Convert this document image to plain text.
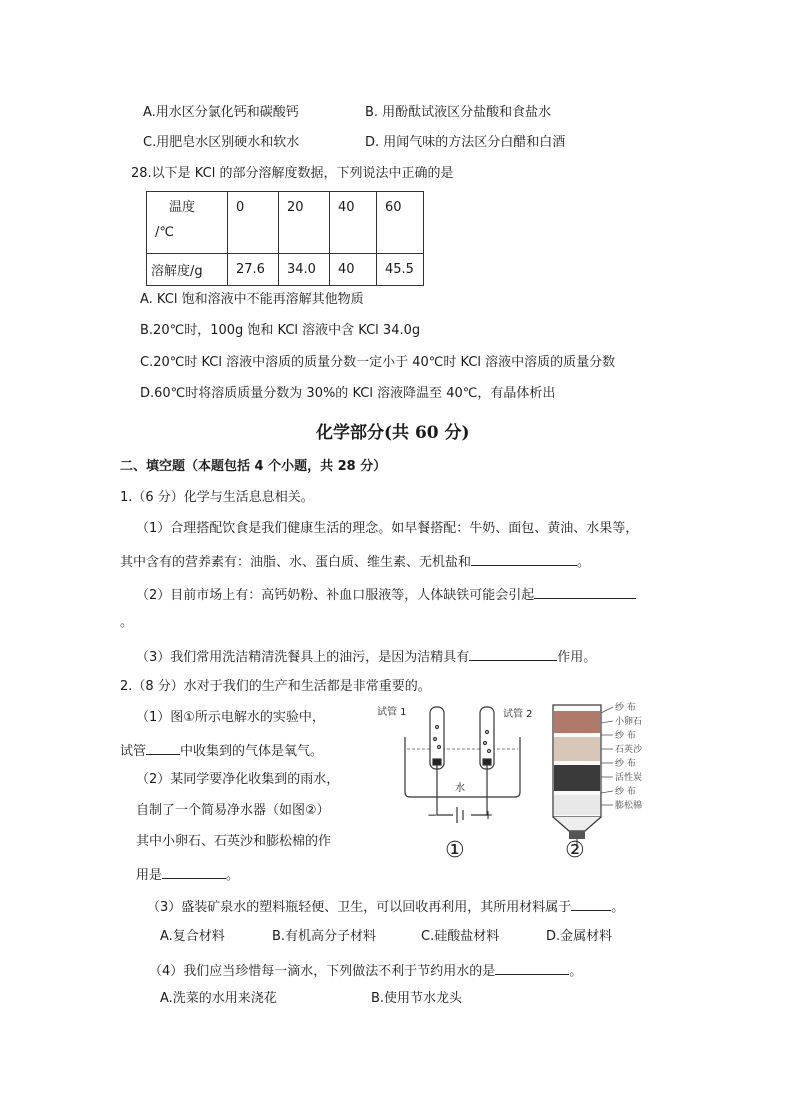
A.用水区分氯化钙和碳酸钙	B. 用酚酞试液区分盐酸和食盐水
C.用肥皂水区别硬水和软水	D. 用闻气味的方法区分白醋和白酒
28.以下是 KCl 的部分溶解度数据，下列说法中正确的是
温度
/℃	0	20	40	60
溶解度/g	27.6	34.0	40	45.5
A. KCl 饱和溶液中不能再溶解其他物质
B.20℃时，100g 饱和 KCl 溶液中含 KCl 34.0g
C.20℃时 KCl 溶液中溶质的质量分数一定小于 40℃时 KCl 溶液中溶质的质量分数
D.60℃时将溶质质量分数为 30%的 KCl 溶液降温至 40℃，有晶体析出
化学部分(共 60 分)
二、填空题（本题包括 4 个小题，共 28 分）
1.（6 分）化学与生活息息相关。
（1）合理搭配饮食是我们健康生活的理念。如早餐搭配：牛奶、面包、黄油、水果等，
其中含有的营养素有：油脂、水、蛋白质、维生素、无机盐和	。
（2）目前市场上有：高钙奶粉、补血口服液等，人体缺铁可能会引起
。
（3）我们常用洗洁精清洗餐具上的油污，是因为洁精具有	作用。
2.（8 分）水对于我们的生产和生活都是非常重要的。
（1）图①所示电解水的实验中，
试管	中收集到的气体是氧气。
（2）某同学要净化收集到的雨水，
自制了一个简易净水器（如图②）
其中小卵石、石英沙和膨松棉的作
用是	。
（3）盛装矿泉水的塑料瓶轻便、卫生，可以回收再利用，其所用材料属于	。
A.复合材料	B.有机高分子材料	C.硅酸盐材料	D.金属材料
（4）我们应当珍惜每一滴水，下列做法不利于节约用水的是	。
A.洗菜的水用来浇花	B.使用节水龙头
试管 1	试管 2
水
−	+
①
纱 布
小卵石
纱 布
石英沙
纱 布
活性炭
纱 布
膨松棉
②
